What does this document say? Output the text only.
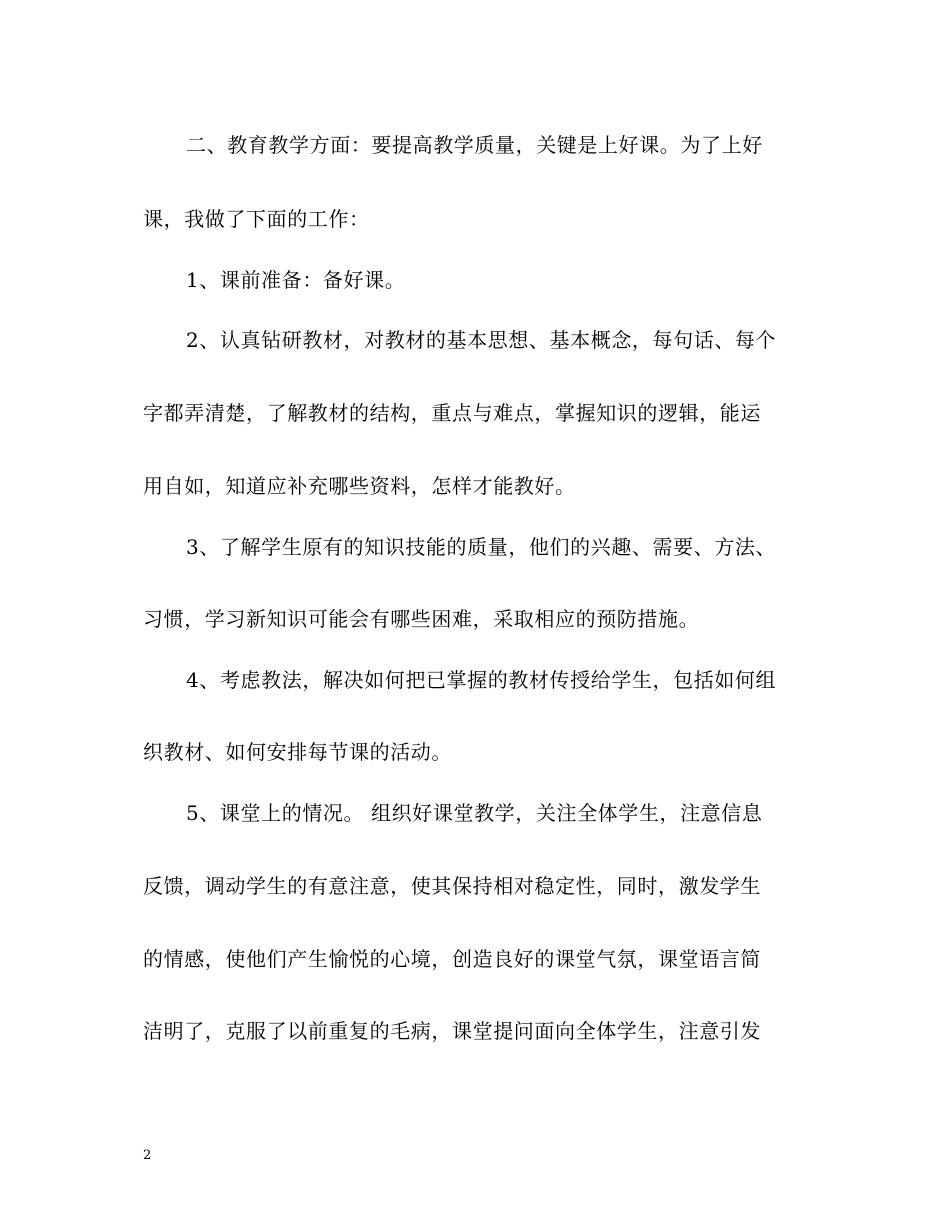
二、教育教学方面：要提高教学质量，关键是上好课。为了上好
课，我做了下面的工作：
1、课前准备：备好课。
2、认真钻研教材，对教材的基本思想、基本概念，每句话、每个
字都弄清楚，了解教材的结构，重点与难点，掌握知识的逻辑，能运
用自如，知道应补充哪些资料，怎样才能教好。
3、了解学生原有的知识技能的质量，他们的兴趣、需要、方法、
习惯，学习新知识可能会有哪些困难，采取相应的预防措施。
4、考虑教法，解决如何把已掌握的教材传授给学生，包括如何组
织教材、如何安排每节课的活动。
5、课堂上的情况。 组织好课堂教学，关注全体学生，注意信息
反馈，调动学生的有意注意，使其保持相对稳定性，同时，激发学生
的情感，使他们产生愉悦的心境，创造良好的课堂气氛，课堂语言简
洁明了，克服了以前重复的毛病，课堂提问面向全体学生，注意引发
2
